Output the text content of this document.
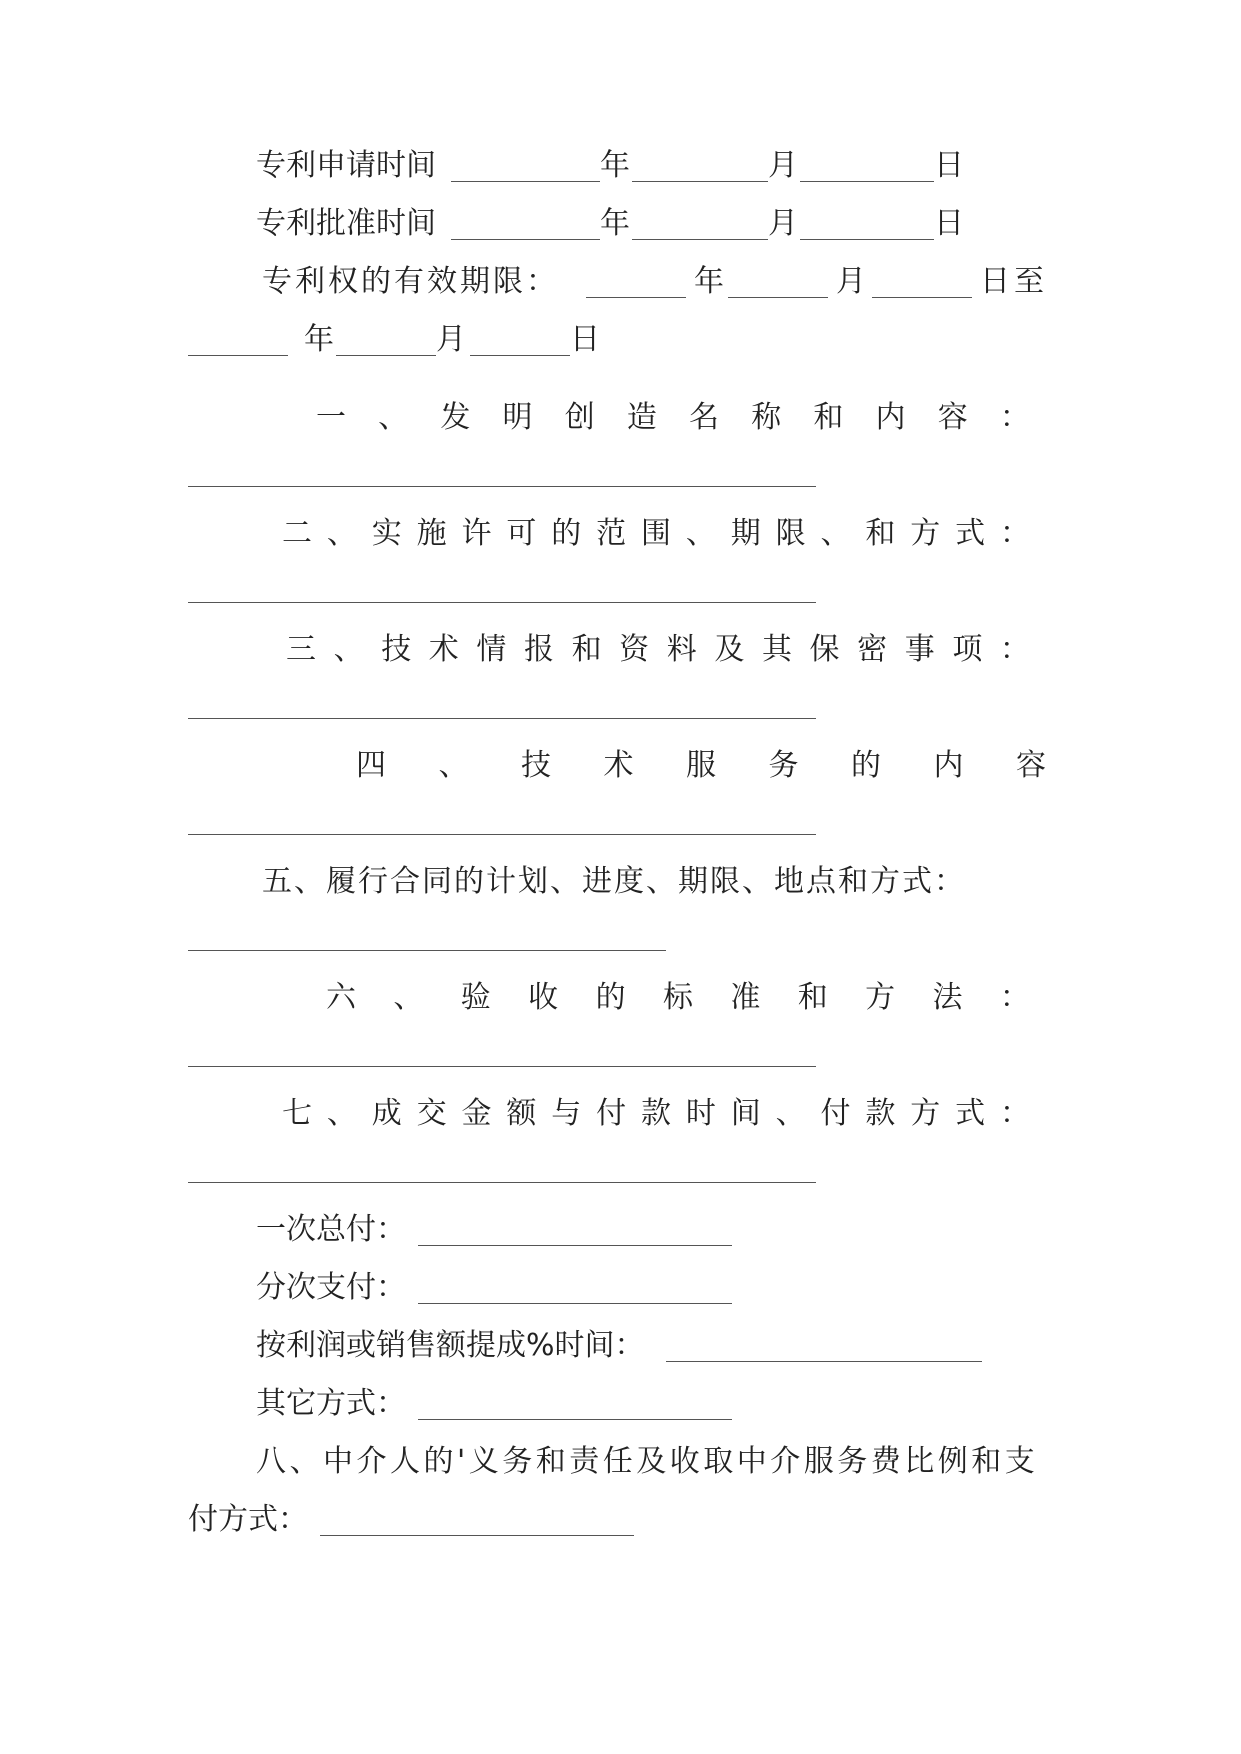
专利申请时间	年	月	日
专利批准时间	年	月	日
专利权的有效期限：	年	月	日至
年	月	日
一 、 发 明 创 造 名 称 和 内 容 ：
二 、 实 施 许 可 的 范 围 、 期 限 、 和 方 式 ：
三 、 技 术 情 报 和 资 料 及 其 保 密 事 项 ：
四 、 技 术 服 务 的 内 容
五、履行合同的计划、进度、期限、地点和方式：
六 、 验 收 的 标 准 和 方 法 ：
七 、 成 交 金 额 与 付 款 时 间 、 付 款 方 式 ：
一次总付：
分次支付：
按利润或销售额提成%时间：
其它方式：
八、中介人的'义务和责任及收取中介服务费比例和支
付方式：
